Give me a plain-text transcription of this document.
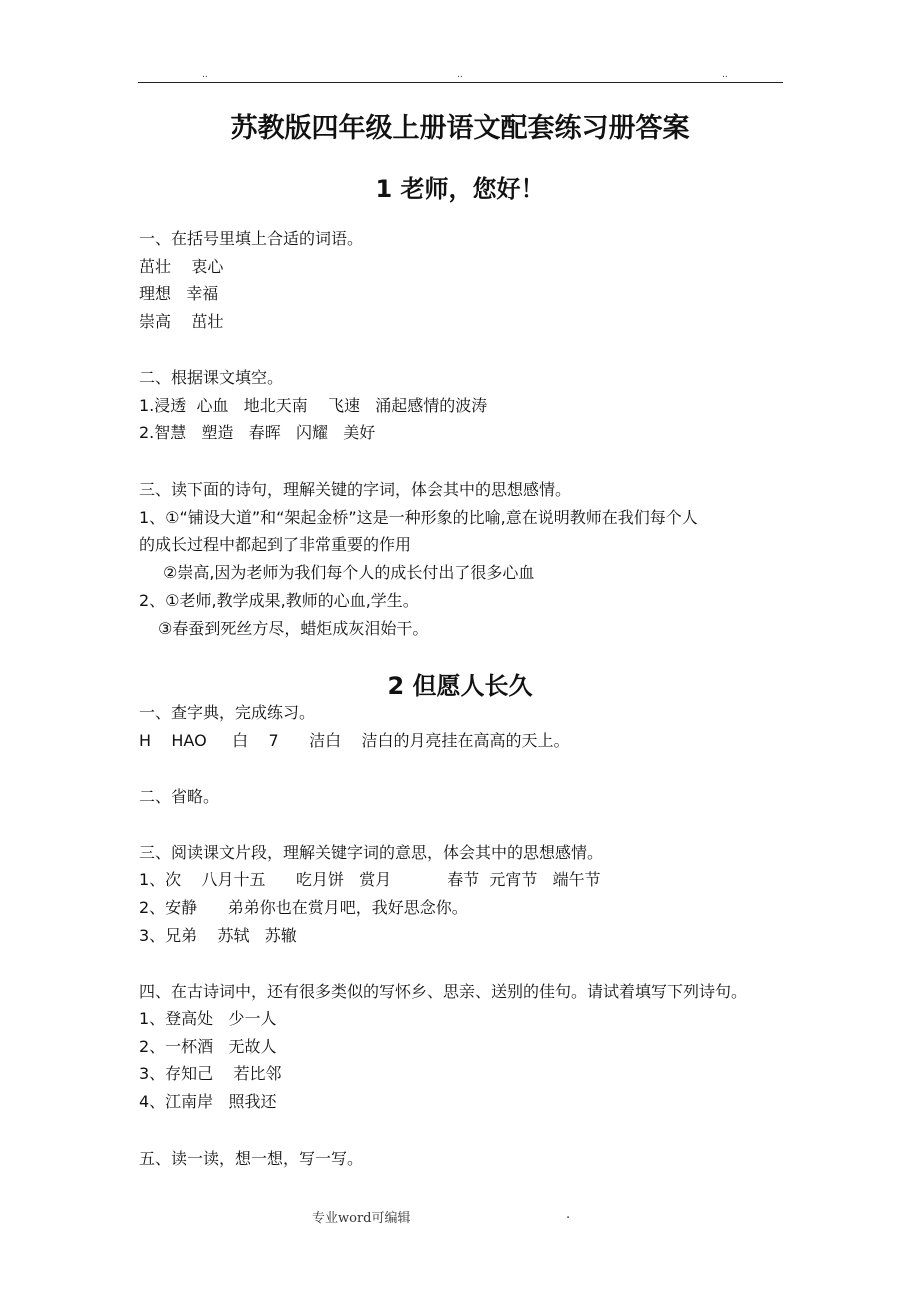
..	..	..
苏教版四年级上册语文配套练习册答案
1 老师，您好！
一、在括号里填上合适的词语。
茁壮    衷心
理想   幸福
崇高    茁壮
二、根据课文填空。
1.浸透  心血   地北天南    飞速   涌起感情的波涛
2.智慧   塑造   春晖   闪耀   美好
三、读下面的诗句，理解关键的字词，体会其中的思想感情。
1、①“铺设大道”和“架起金桥”这是一种形象的比喻,意在说明教师在我们每个人
的成长过程中都起到了非常重要的作用
②崇高,因为老师为我们每个人的成长付出了很多心血
2、①老师,教学成果,教师的心血,学生。
③春蚕到死丝方尽，蜡炬成灰泪始干。
2 但愿人长久
一、查字典，完成练习。
H    HAO     白    7      洁白    洁白的月亮挂在高高的天上。
二、省略。
三、阅读课文片段，理解关键字词的意思，体会其中的思想感情。
1、次    八月十五      吃月饼   赏月           春节  元宵节   端午节
2、安静      弟弟你也在赏月吧，我好思念你。
3、兄弟    苏轼   苏辙
四、在古诗词中，还有很多类似的写怀乡、思亲、送别的佳句。请试着填写下列诗句。
1、登高处   少一人
2、一杯酒   无故人
3、存知己    若比邻
4、江南岸   照我还
五、读一读，想一想，写一写。
专业word可编辑	.
